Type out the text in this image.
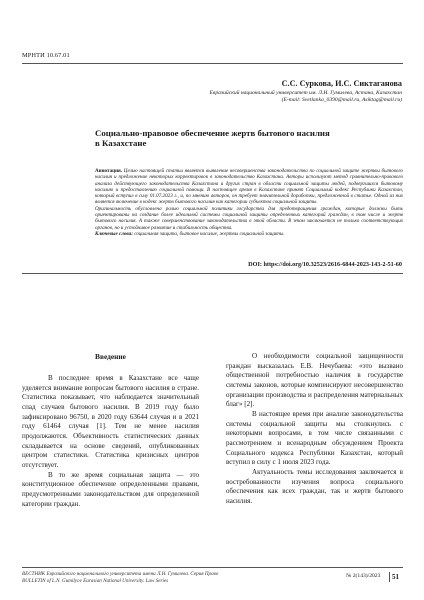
МРНТИ 10.67.01
С.С. Суркова, И.С. Сиктаганова
Евразийский национальный университет им. Л.Н. Гумилева, Астана, Казахстан
(E-mail: Svetlanka_0390@mail.ru, Asiktag@mail.ru)
Социально-правовое обеспечение жертв бытового насилия в Казахстане

Аннотация. Целью настоящей статьи является выявление несовершенства законодательства по социальной защите жертвы бытового насилия и предложение некоторых корректировок в законодательство Казахстана. Авторы используют метод сравнительно-правового анализа действующего законодательства Казахстана и других стран в области социальной защиты людей, подвергшихся бытовому насилию и предоставлению социальной помощи. В настоящее время в Казахстане принят Социальный кодекс Республики Казахстан, который вступил в силу 01.07.2023 г., и, по мнению авторов, он требует значительной доработки, предложенной в статье. Одной из них является включение в кодекс жертв бытового насилия как категории субъектов социальной защиты.

Оригинальность обусловлена ролью социальной политики государства для предотвращения граждан, которые должны быть ориентированы на создание более идеальной системы социальной защиты определенных категорий граждан, в том числе и жертв бытового насилия. А также совершенствование законодательства в этой области. В этом заключается не только соответствующих органов, но и устойчивое развитие и стабильность общества.

Ключевые слова: социальная защита, бытовое насилие, жертвы социальной защиты.

DOI: https://doi.org/10.32523/2616-6844-2023-143-2-51-60
Введение

В последнее время в Казахстане все чаще уделяется внимание вопросам бытового насилия в стране. Статистика показывает, что наблюдается значительный спад случаев бытового насилия. В 2019 году было зафиксировано 96750, в 2020 году 63644 случая и в 2021 году 61464 случая [1]. Тем не менее насилия продолжаются. Объективность статистических данных складывается на основе сведений, опубликованных центром статистики. Статистика кризисных центров отсутствует.

В то же время социальная защита — это конституционное обеспечение определенными правами, предусмотренными законодательством для определенной категории граждан.

О необходимости социальной защищенности граждан высказалась Е.В. Нечубаева: «это вызвано общественной потребностью наличия в государстве системы законов, которые компенсируют несовершенство организации производства и распределения материальных благ» [2].

В настоящее время при анализе законодательства системы социальной защиты мы столкнулись с некоторыми вопросами, в том числе связанными с рассмотрением и всенародным обсуждением Проекта Социального кодекса Республики Казахстан, который вступил в силу с 1 июля 2023 года.

Актуальность темы исследования заключается в востребованности изучения вопроса социального обеспечения как всех граждан, так и жертв бытового насилия.

ВЕСТНИК Евразийского национального университета имени Л.Н. Гумилева. Серия Право
BULLETIN of L.N. Gumilyov Eurasian National University. Law Series
№ 2(143)/2023	51
